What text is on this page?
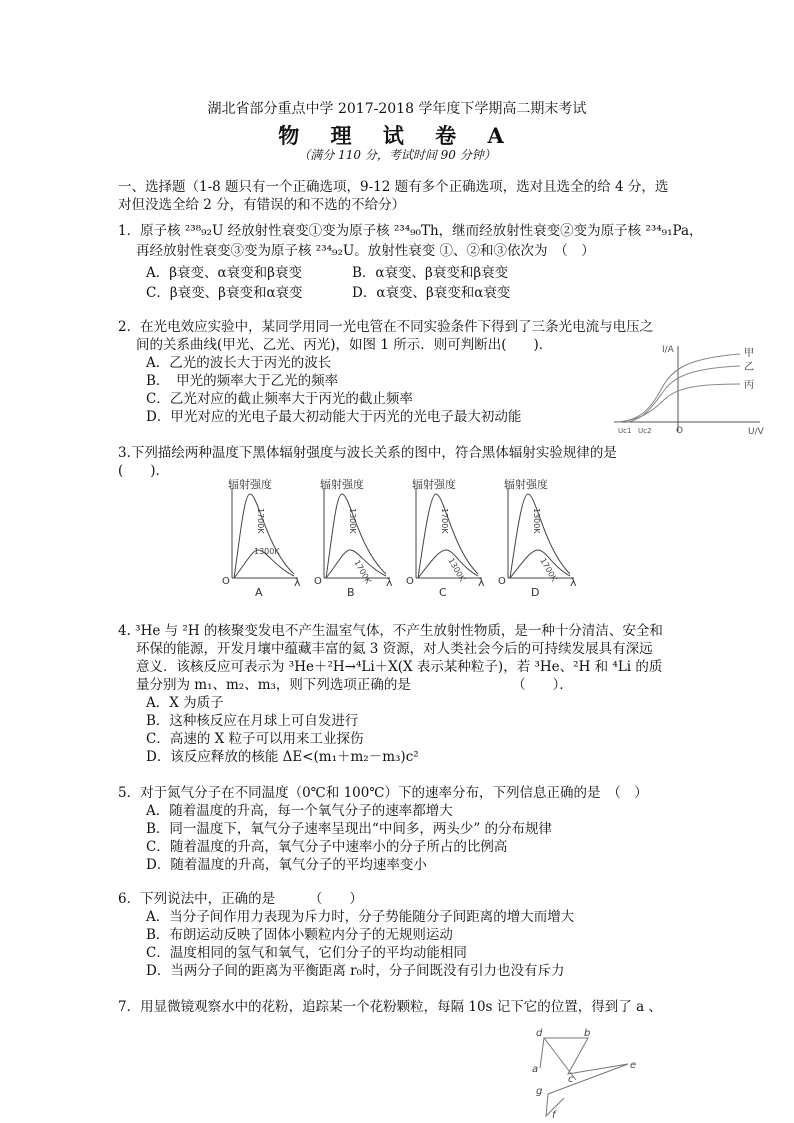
湖北省部分重点中学 2017-2018 学年度下学期高二期末考试
物 理 试 卷 A
（满分 110 分，考试时间 90 分钟）
一、选择题（1-8 题只有一个正确选项，9-12 题有多个正确选项，选对且选全的给 4 分，选
对但没选全给 2 分，有错误的和不选的不给分）
1．原子核 ²³⁸₉₂U 经放射性衰变①变为原子核 ²³⁴₉₀Th，继而经放射性衰变②变为原子核 ²³⁴₉₁Pa，
再经放射性衰变③变为原子核 ²³⁴₉₂U。放射性衰变 ①、②和③依次为　（　）
A．β衰变、α衰变和β衰变	B．α衰变、β衰变和β衰变
C．β衰变、β衰变和α衰变	D．α衰变、β衰变和α衰变
2．在光电效应实验中，某同学用同一光电管在不同实验条件下得到了三条光电流与电压之
间的关系曲线(甲光、乙光、丙光)，如图 1 所示．则可判断出(　　)．
A．乙光的波长大于丙光的波长
B．　甲光的频率大于乙光的频率
C．乙光对应的截止频率大于丙光的截止频率
D．甲光对应的光电子最大初动能大于丙光的光电子最大初动能
I/A
U/V
O
Uc1 Uc2
甲
乙
丙
3.下列描绘两种温度下黑体辐射强度与波长关系的图中，符合黑体辐射实验规律的是
(　　)．
辐射强度
O	λ
1700K
1300K
A
辐射强度
O	λ
1300K
1700K
B
辐射强度
O	λ
1700K
1300K
C
辐射强度
O	λ
1300K
1700K
D
4. ³He 与 ²H 的核聚变发电不产生温室气体，不产生放射性物质，是一种十分清洁、安全和
环保的能源，开发月壤中蕴藏丰富的氦 3 资源，对人类社会今后的可持续发展具有深远
意义．该核反应可表示为 ³He＋²H→⁴Li＋X(X 表示某种粒子)，若 ³He、²H 和 ⁴Li 的质
量分别为 m₁、m₂、m₃，则下列选项正确的是　　　　　　　　（　　）．
A．X 为质子
B．这种核反应在月球上可自发进行
C．高速的 X 粒子可以用来工业探伤
D．该反应释放的核能 ΔE<(m₁＋m₂－m₃)c²
5．对于氮气分子在不同温度（0℃和 100℃）下的速率分布，下列信息正确的是　（　）
A．随着温度的升高，每一个氧气分子的速率都增大
B．同一温度下，氧气分子速率呈现出“中间多，两头少” 的分布规律
C．随着温度的升高，氧气分子中速率小的分子所占的比例高
D．随着温度的升高，氧气分子的平均速率变小
6．下列说法中，正确的是　　　（　　）
A．当分子间作用力表现为斥力时，分子势能随分子间距离的增大而增大
B．布朗运动反映了固体小颗粒内分子的无规则运动
C．温度相同的氢气和氧气，它们分子的平均动能相同
D．当两分子间的距离为平衡距离 r₀时，分子间既没有引力也没有斥力
7．用显微镜观察水中的花粉，追踪某一个花粉颗粒，每隔 10s 记下它的位置，得到了 a 、
a
b
c
d
e
f
g
